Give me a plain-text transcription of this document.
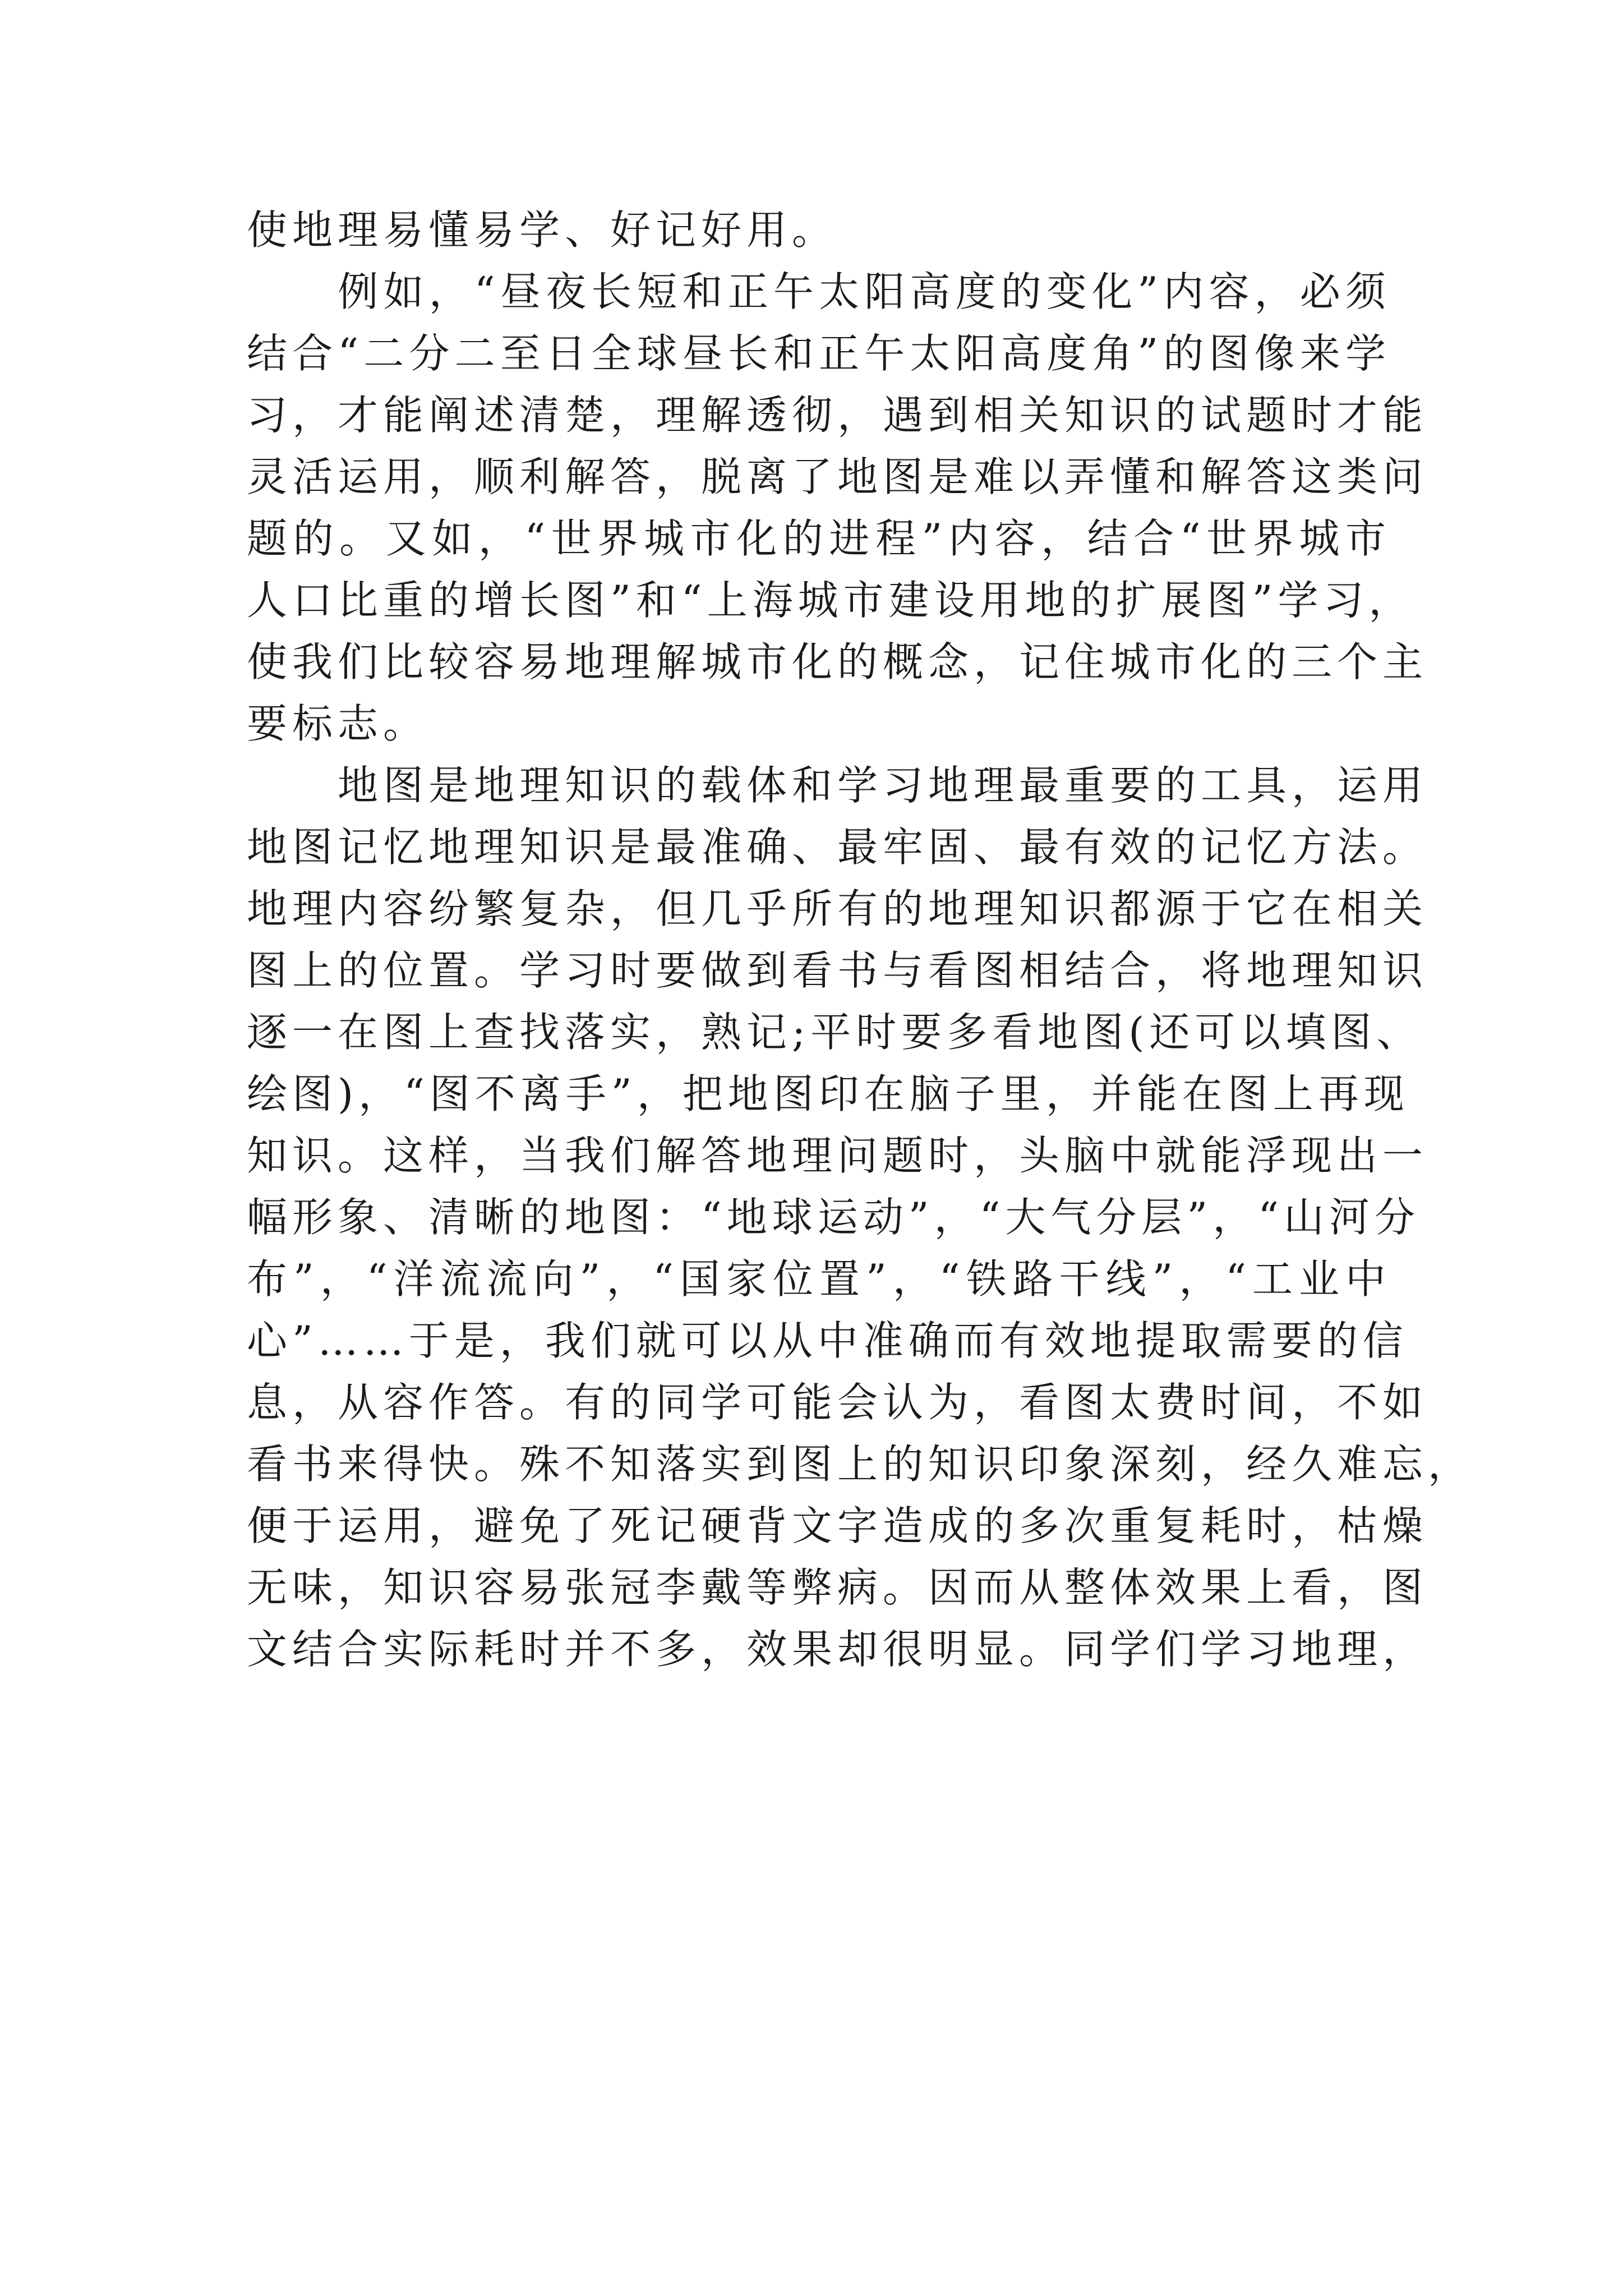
使地理易懂易学、好记好用。
　　例如，“昼夜长短和正午太阳高度的变化”内容，必须
结合“二分二至日全球昼长和正午太阳高度角”的图像来学
习，才能阐述清楚，理解透彻，遇到相关知识的试题时才能
灵活运用，顺利解答，脱离了地图是难以弄懂和解答这类问
题的。又如，“世界城市化的进程”内容，结合“世界城市
人口比重的增长图”和“上海城市建设用地的扩展图”学习，
使我们比较容易地理解城市化的概念，记住城市化的三个主
要标志。
　　地图是地理知识的载体和学习地理最重要的工具，运用
地图记忆地理知识是最准确、最牢固、最有效的记忆方法。
地理内容纷繁复杂，但几乎所有的地理知识都源于它在相关
图上的位置。学习时要做到看书与看图相结合，将地理知识
逐一在图上查找落实，熟记;平时要多看地图(还可以填图、
绘图)，“图不离手”，把地图印在脑子里，并能在图上再现
知识。这样，当我们解答地理问题时，头脑中就能浮现出一
幅形象、清晰的地图：“地球运动”，“大气分层”，“山河分
布”，“洋流流向”，“国家位置”，“铁路干线”，“工业中
心”……于是，我们就可以从中准确而有效地提取需要的信
息，从容作答。有的同学可能会认为，看图太费时间，不如
看书来得快。殊不知落实到图上的知识印象深刻，经久难忘，
便于运用，避免了死记硬背文字造成的多次重复耗时，枯燥
无味，知识容易张冠李戴等弊病。因而从整体效果上看，图
文结合实际耗时并不多，效果却很明显。同学们学习地理，
